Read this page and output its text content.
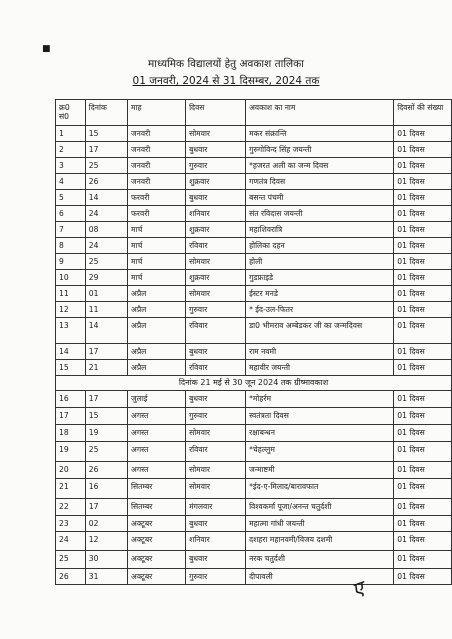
■
माध्यमिक विद्यालयों हेतु अवकाश तालिका
01 जनवरी, 2024 से 31 दिसम्बर, 2024 तक
क्र0 सं0	दिनांक	माह	दिवस	अवकाश का नाम	दिवसों की संख्या
1	15	जनवरी	सोमवार	मकर संक्रान्ति	01 दिवस
2	17	जनवरी	बुधवार	गुरुगोविन्द सिंह जयन्ती	01 दिवस
3	25	जनवरी	गुरुवार	*हजरत अली का जन्म दिवस	01 दिवस
4	26	जनवरी	शुक्रवार	गणतंत्र दिवस	01 दिवस
5	14	फरवरी	बुधवार	बसन्त पंचमी	01 दिवस
6	24	फरवरी	शनिवार	संत रविदास जयन्ती	01 दिवस
7	08	मार्च	शुक्रवार	महाशिवरात्रि	01 दिवस
8	24	मार्च	रविवार	होलिका दहन	01 दिवस
9	25	मार्च	सोमवार	होली	01 दिवस
10	29	मार्च	शुक्रवार	गुडफ्राइडे	01 दिवस
11	01	अप्रैल	सोमवार	ईस्टर मनडे	01 दिवस
12	11	अप्रैल	गुरुवार	* ईद-उल-फितर	01 दिवस
13	14	अप्रैल	रविवार	डा0 भीमराव अम्बेडकर जी का जन्मदिवस	01 दिवस
14	17	अप्रैल	बुधवार	राम नवमी	01 दिवस
15	21	अप्रैल	रविवार	महावीर जयन्ती	01 दिवस
दिनांक 21 मई से 30 जून 2024 तक ग्रीष्मावकाश					
16	17	जुलाई	बुधवार	*मोहर्रम	01 दिवस
17	15	अगस्त	गुरुवार	स्वतंत्रता दिवस	01 दिवस
18	19	अगस्त	सोमवार	रक्षाबन्धन	01 दिवस
19	25	अगस्त	रविवार	*चेहल्लुम	01 दिवस
20	26	अगस्त	सोमवार	जन्माष्टमी	01 दिवस
21	16	सितम्बर	सोमवार	*ईद-ए-मिलाद/बारावफात	01 दिवस
22	17	सितम्बर	मंगलवार	विश्वकर्मा पूजा/अनन्त चतुर्दशी	01 दिवस
23	02	अक्टूबर	बुधवार	महात्मा गांधी जयन्ती	01 दिवस
24	12	अक्टूबर	शनिवार	दशहरा महानवमी/विजय दशमी	01 दिवस
25	30	अक्टूबर	बुधवार	नरक चतुर्दशी	01 दिवस
26	31	अक्टूबर	गुरुवार	दीपावली	01 दिवस
ए
